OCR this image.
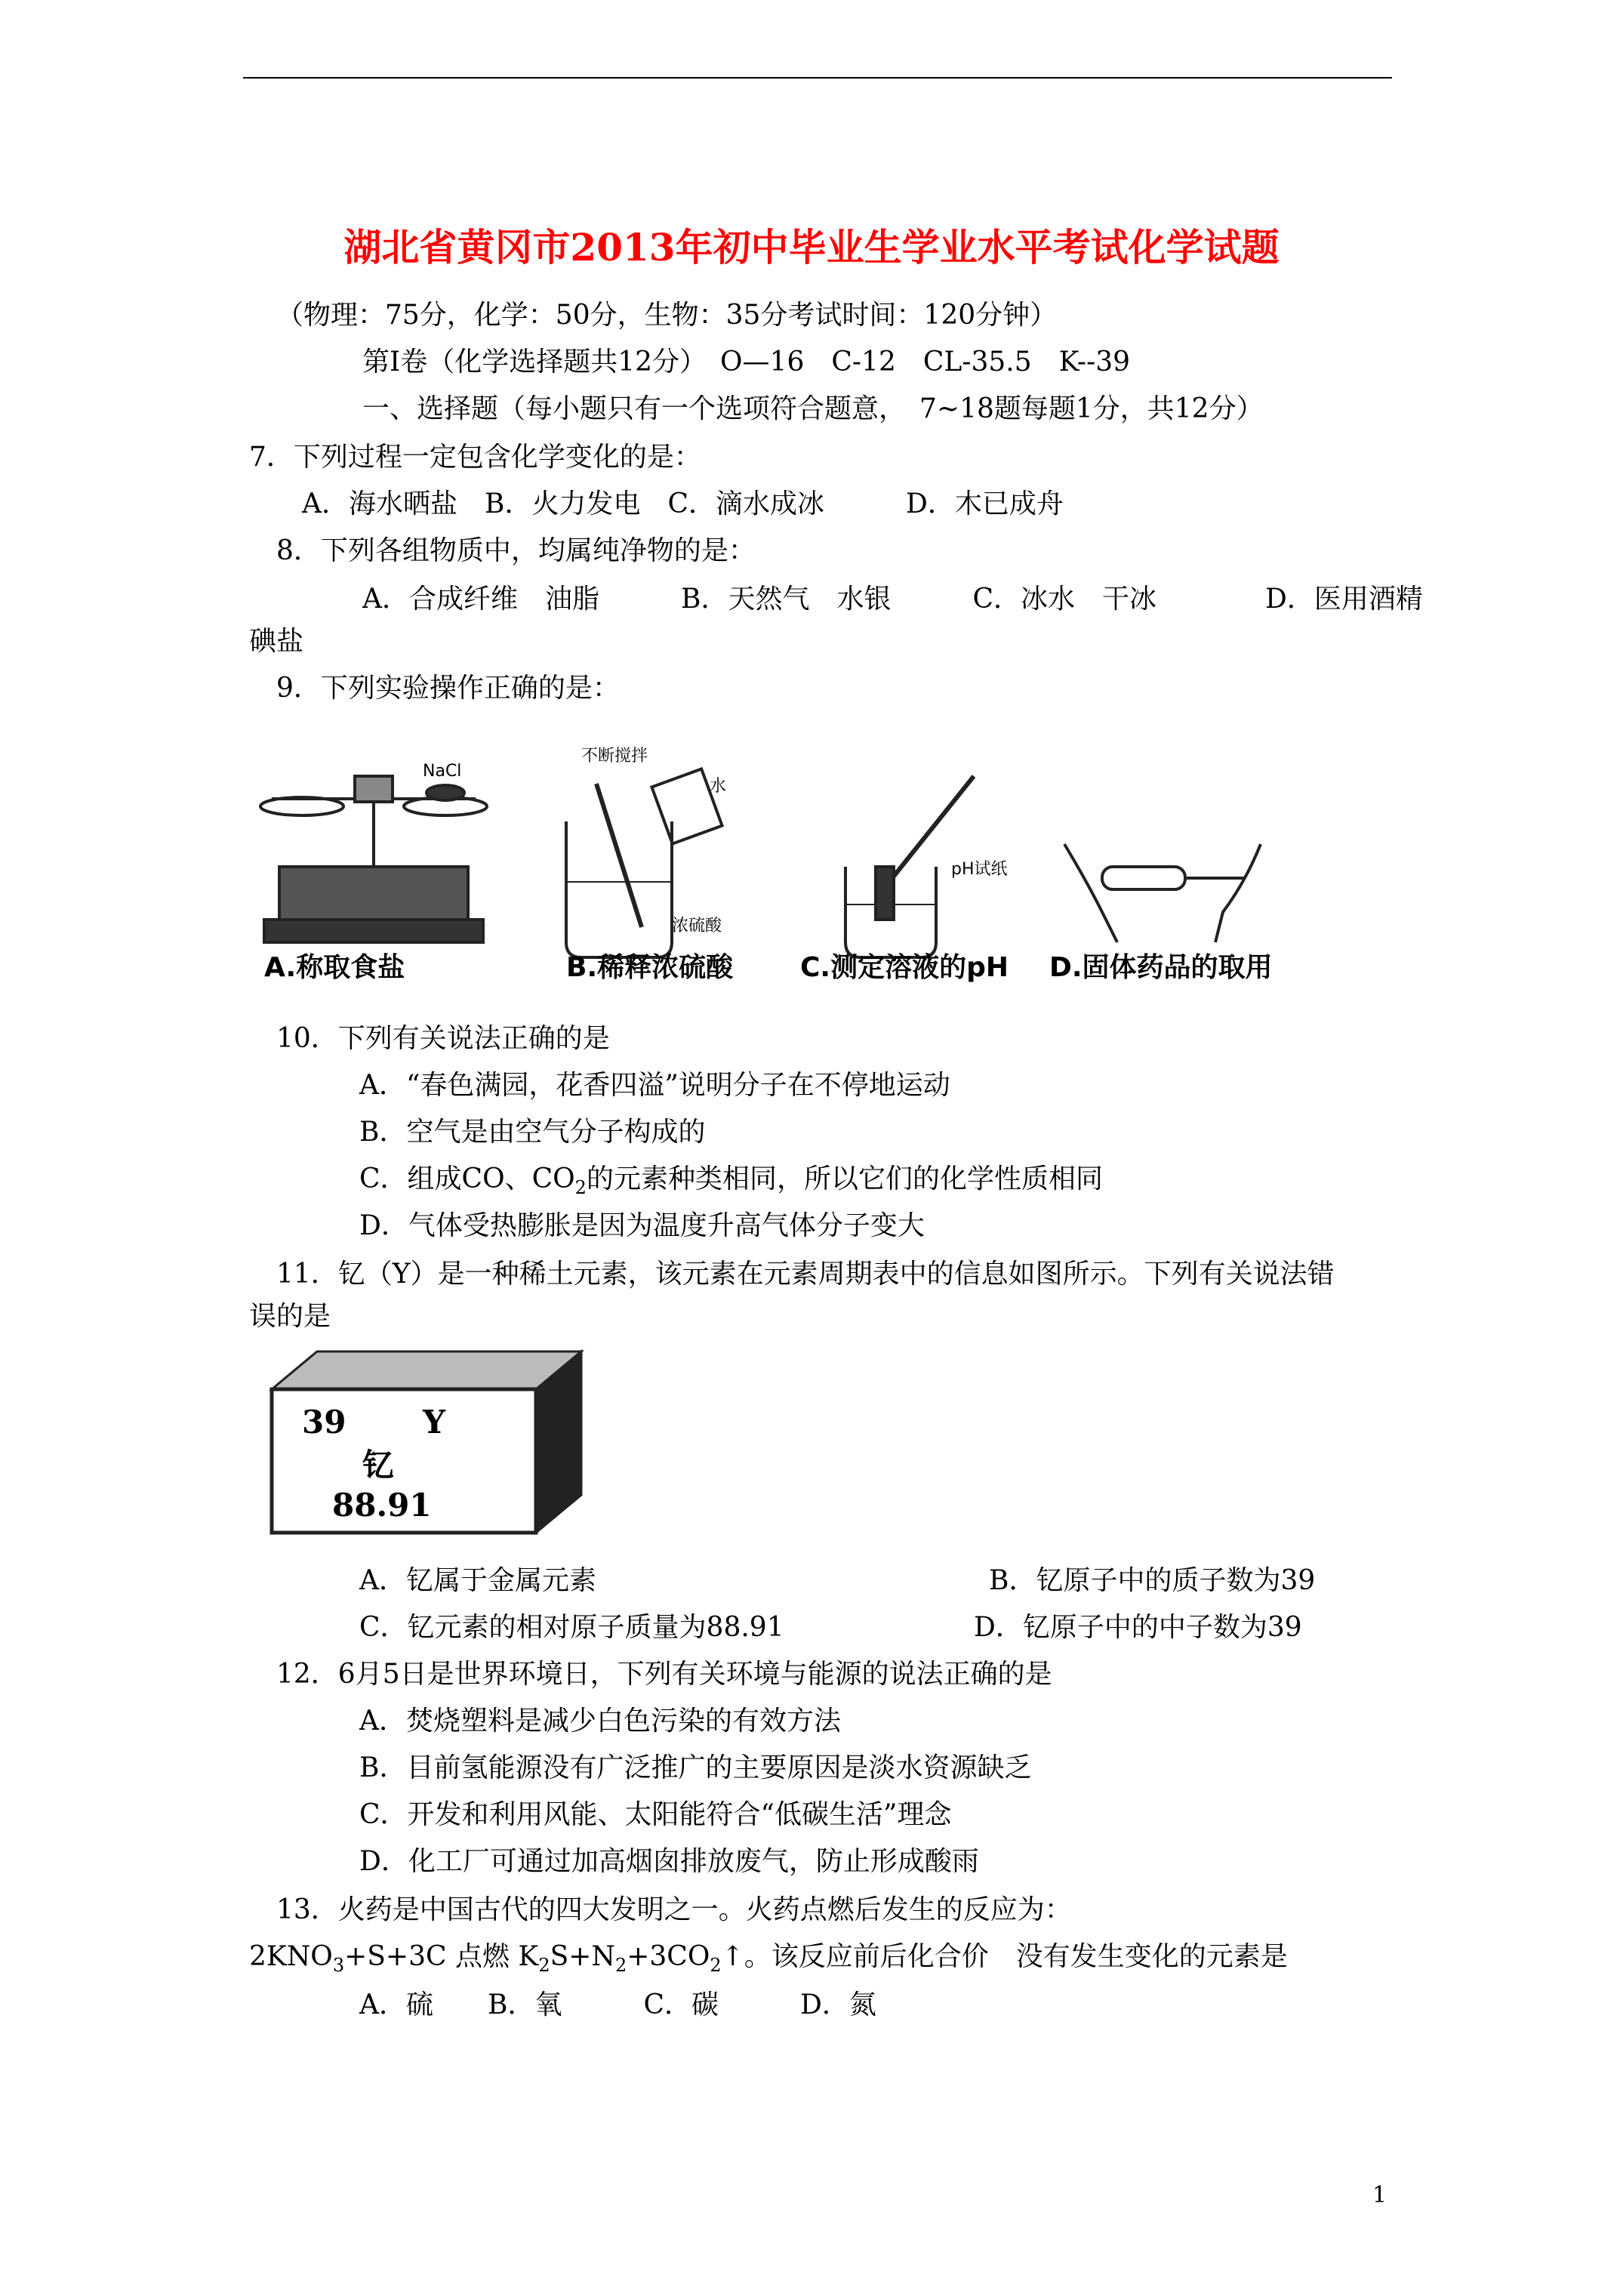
湖北省黄冈市2013年初中毕业生学业水平考试化学试题
（物理：75分，化学：50分，生物：35分考试时间：120分钟）
第Ⅰ卷（化学选择题共12分）　O—16　C-12　CL-35.5　K--39
一、选择题（每小题只有一个选项符合题意，　7~18题每题1分，共12分）
7．下列过程一定包含化学变化的是：
A．海水晒盐　B．火力发电　C．滴水成冰　　　D．木已成舟
8．下列各组物质中，均属纯净物的是：
A．合成纤维　油脂　　　B．天然气　水银　　　C．冰水　干冰　　　　D．医用酒精
碘盐
9．下列实验操作正确的是：
NaCl
不断搅拌
水
浓硫酸
pH试纸
A.称取食盐	B.稀释浓硫酸 C.测定溶液的pH D.固体药品的取用
10．下列有关说法正确的是
A．“春色满园，花香四溢”说明分子在不停地运动
B．空气是由空气分子构成的
C．组成CO、$CO_2$的元素种类相同，所以它们的化学性质相同
D．气体受热膨胀是因为温度升高气体分子变大
11．钇（Y）是一种稀土元素，该元素在元素周期表中的信息如图所示。下列有关说法错
误的是
39 Y
钇
88.91
A．钇属于金属元素	B．钇原子中的质子数为39
C．钇元素的相对原子质量为88.91	D．钇原子中的中子数为39
12．6月5日是世界环境日，下列有关环境与能源的说法正确的是
A．焚烧塑料是减少白色污染的有效方法
B．目前氢能源没有广泛推广的主要原因是淡水资源缺乏
C．开发和利用风能、太阳能符合“低碳生活”理念
D．化工厂可通过加高烟囱排放废气，防止形成酸雨
13．火药是中国古代的四大发明之一。火药点燃后发生的反应为：
$2KNO_3+S+3C$ 点燃 $K_2S+N_2+3CO_2↑$。该反应前后化合价　没有发生变化的元素是
A．硫　　B．氧　　　C．碳　　　D．氮
1
